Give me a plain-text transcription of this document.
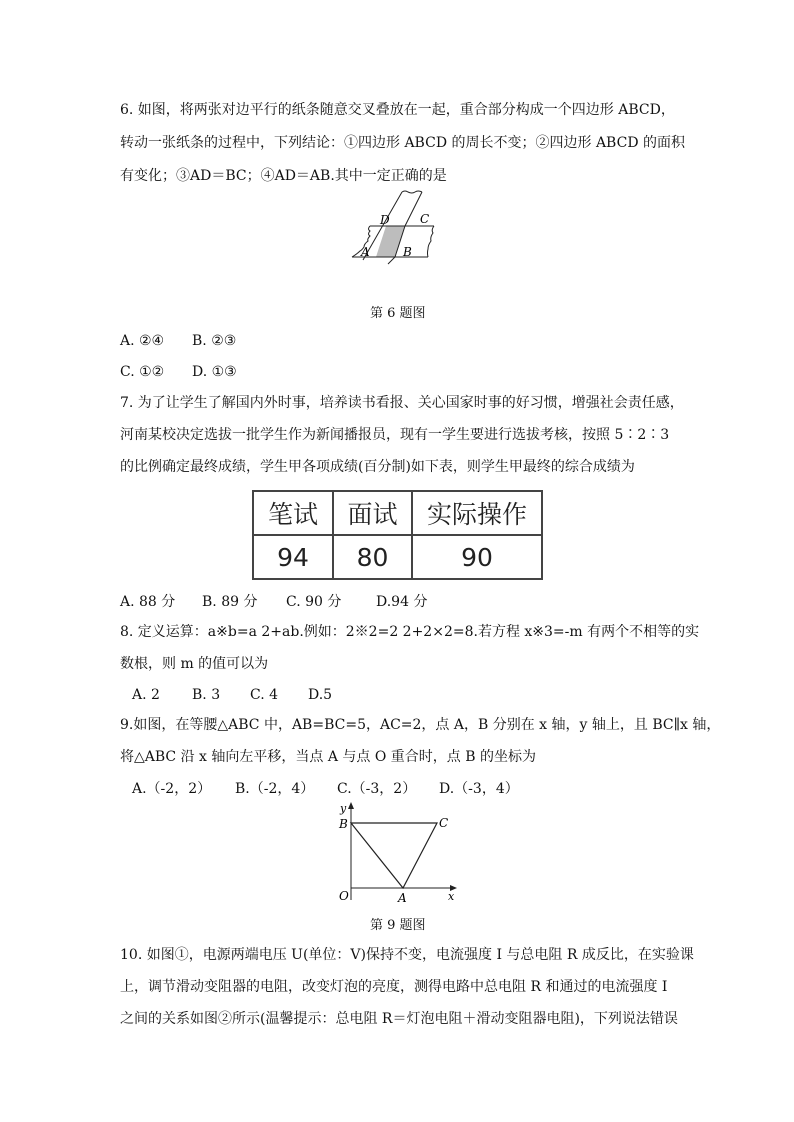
6. 如图，将两张对边平行的纸条随意交叉叠放在一起，重合部分构成一个四边形 ABCD，
转动一张纸条的过程中，下列结论：①四边形 ABCD 的周长不变；②四边形 ABCD 的面积
有变化；③AD＝BC；④AD＝AB.其中一定正确的是
D	C
A	B
第 6 题图
A. ②④ B. ②③
C. ①② D. ①③
7. 为了让学生了解国内外时事，培养读书看报、关心国家时事的好习惯，增强社会责任感，
河南某校决定选拔一批学生作为新闻播报员，现有一学生要进行选拔考核，按照 5∶2∶3
的比例确定最终成绩，学生甲各项成绩(百分制)如下表，则学生甲最终的综合成绩为
笔试	面试	实际操作
94	80	90
A. 88 分 B. 89 分 C. 90 分 D.94 分
8. 定义运算：a※b=a 2+ab.例如：2※2=2 2+2×2=8.若方程 x※3=-m 有两个不相等的实
数根，则 m 的值可以为
A. 2 B. 3 C. 4 D.5
9.如图，在等腰△ABC 中，AB=BC=5，AC=2，点 A，B 分别在 x 轴，y 轴上，且 BC∥x 轴，
将△ABC 沿 x 轴向左平移，当点 A 与点 O 重合时，点 B 的坐标为
A.（-2，2） B.（-2，4） C.（-3，2） D.（-3，4）
y
B	C
O	A	x
第 9 题图
10. 如图①，电源两端电压 U(单位：V)保持不变，电流强度 I 与总电阻 R 成反比，在实验课
上，调节滑动变阻器的电阻，改变灯泡的亮度，测得电路中总电阻 R 和通过的电流强度 I
之间的关系如图②所示(温馨提示：总电阻 R＝灯泡电阻＋滑动变阻器电阻)，下列说法错误
